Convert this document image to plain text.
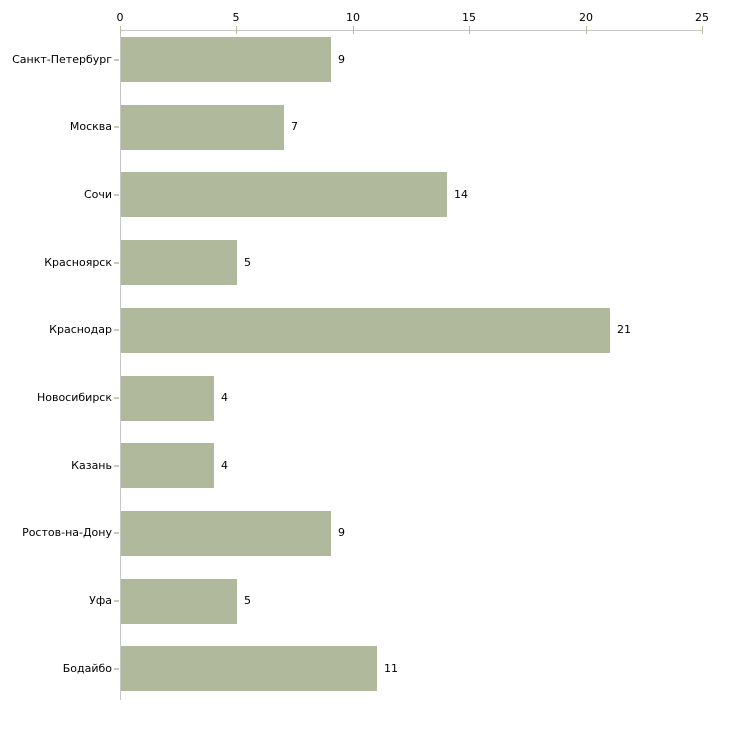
0	5	10	15	20	25
Санкт-Петербург	9
Москва	7
Сочи	14
Красноярск	5
Краснодар	21
Новосибирск	4
Казань	4
Ростов-на-Дону	9
Уфа	5
Бодайбо	11
